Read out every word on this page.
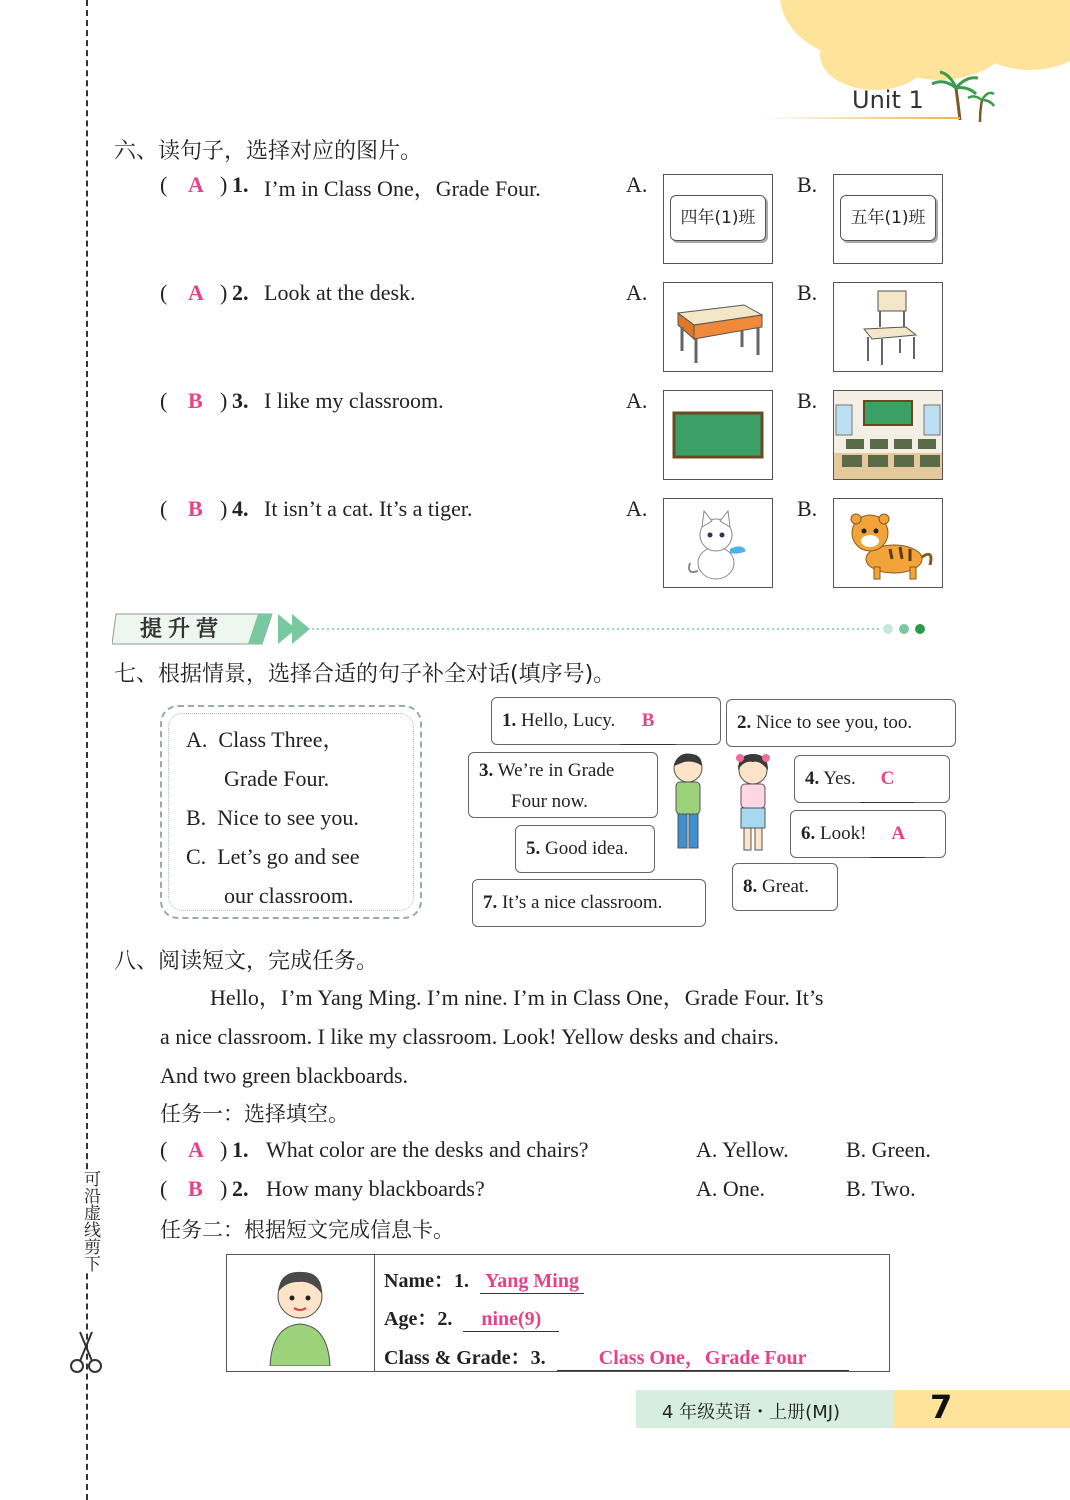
Unit 1
可沿虚线剪下
六、读句子，选择对应的图片。
( A ) 1. I’m in Class One，Grade Four.	A.	B.
四年(1)班	五年(1)班
( A ) 2. Look at the desk.	A.	B.
( B ) 3. I like my classroom.	A.	B.
( B ) 4. It isn’t a cat. It’s a tiger.	A.	B.
提升营
七、根据情景，选择合适的句子补全对话(填序号)。
A. Class Three，
Grade Four.
B. Nice to see you.
C. Let’s go and see
our classroom.
1. Hello, Lucy. B	2. Nice to see you, too.
3. We’re in Grade
Four now.
4. Yes. C
5. Good idea.
6. Look! A
7. It’s a nice classroom.
8. Great.
八、阅读短文，完成任务。
Hello，I’m Yang Ming. I’m nine. I’m in Class One，Grade Four. It’s
a nice classroom. I like my classroom. Look! Yellow desks and chairs.
And two green blackboards.
任务一：选择填空。
( A ) 1. What color are the desks and chairs?	A. Yellow.	B. Green.
( B ) 2. How many blackboards?	A. One.	B. Two.
任务二：根据短文完成信息卡。
Name：1. Yang Ming
Age：2. nine(9)
Class & Grade：3.	Class One，Grade Four
4 年级英语・上册(MJ)	7
